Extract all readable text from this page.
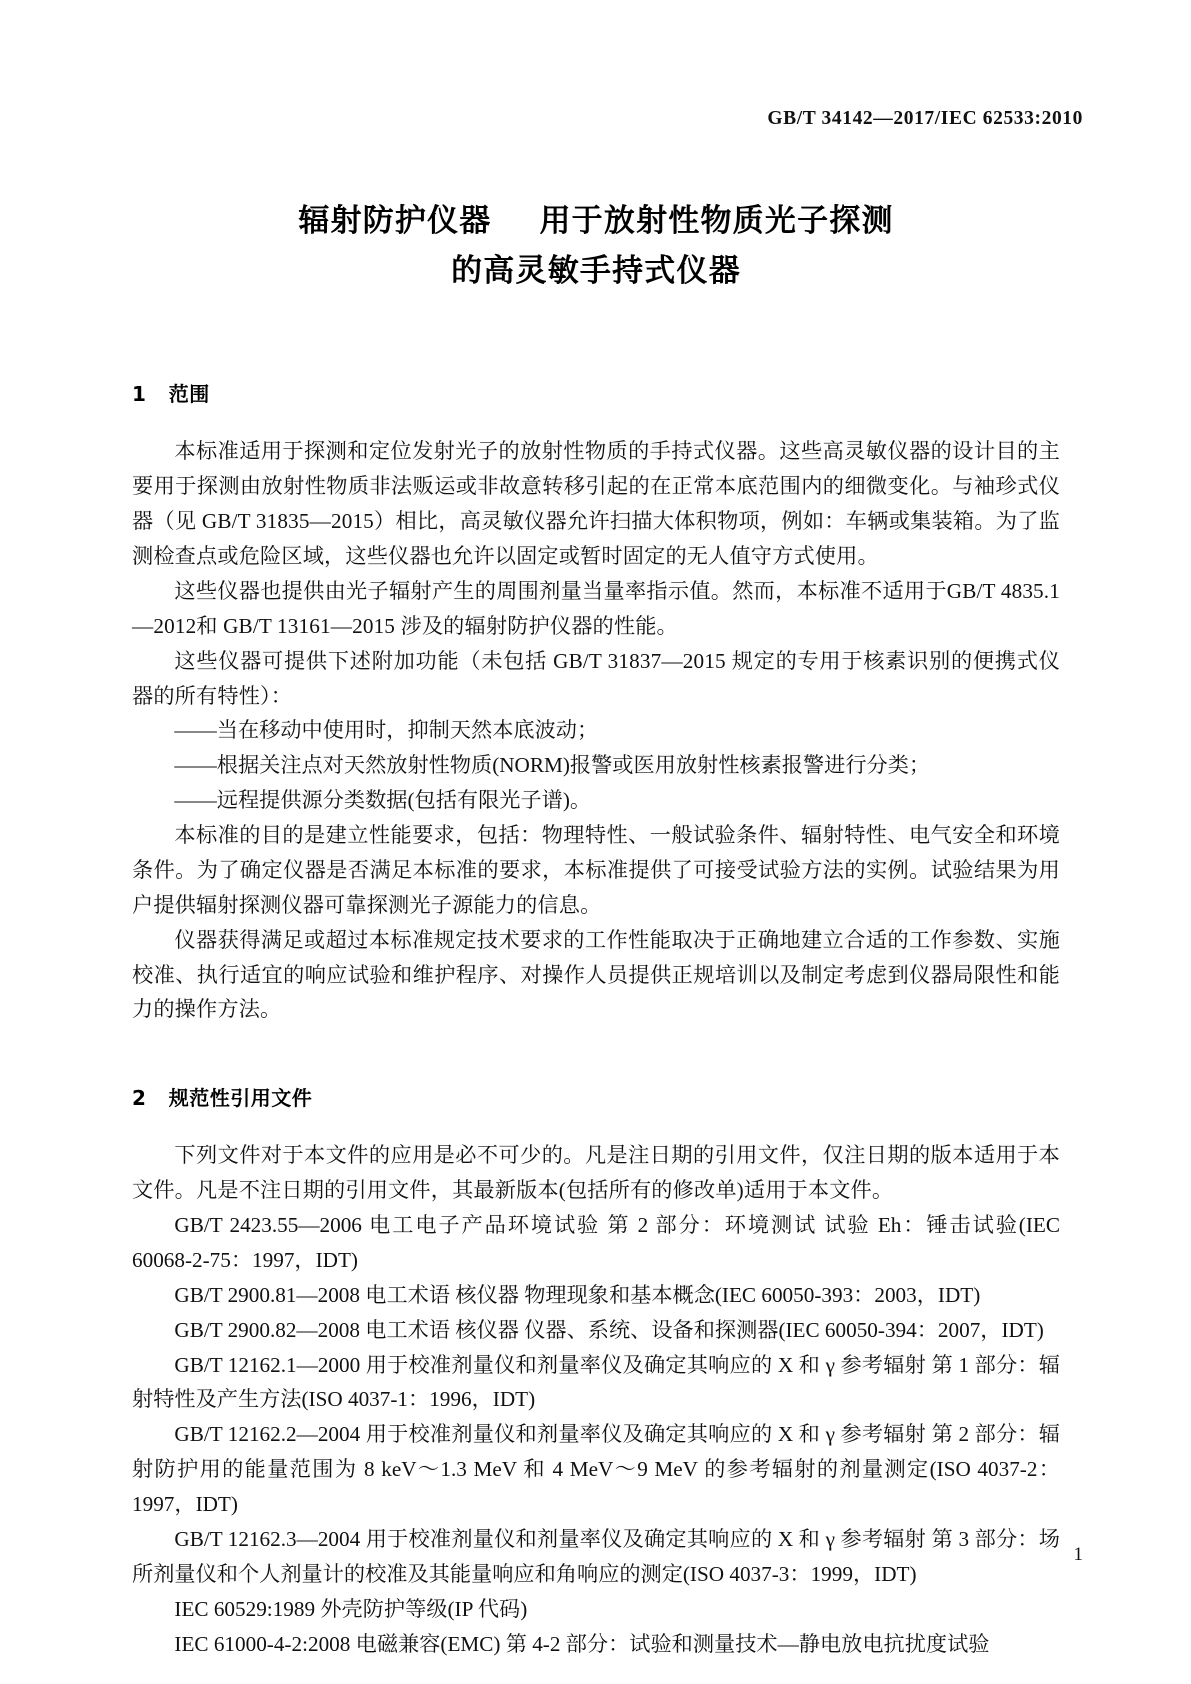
GB/T 34142—2017/IEC 62533:2010
辐射防护仪器    用于放射性物质光子探测
的高灵敏手持式仪器
1   范围

本标准适用于探测和定位发射光子的放射性物质的手持式仪器。这些高灵敏仪器的设计目的主要用于探测由放射性物质非法贩运或非故意转移引起的在正常本底范围内的细微变化。与袖珍式仪器（见 GB/T 31835—2015）相比，高灵敏仪器允许扫描大体积物项，例如：车辆或集装箱。为了监测检查点或危险区域，这些仪器也允许以固定或暂时固定的无人值守方式使用。

这些仪器也提供由光子辐射产生的周围剂量当量率指示值。然而，本标准不适用于GB/T 4835.1—2012和 GB/T 13161—2015 涉及的辐射防护仪器的性能。

这些仪器可提供下述附加功能（未包括 GB/T 31837—2015 规定的专用于核素识别的便携式仪器的所有特性）：

——当在移动中使用时，抑制天然本底波动；

——根据关注点对天然放射性物质(NORM)报警或医用放射性核素报警进行分类；

——远程提供源分类数据(包括有限光子谱)。

本标准的目的是建立性能要求，包括：物理特性、一般试验条件、辐射特性、电气安全和环境条件。为了确定仪器是否满足本标准的要求，本标准提供了可接受试验方法的实例。试验结果为用户提供辐射探测仪器可靠探测光子源能力的信息。

仪器获得满足或超过本标准规定技术要求的工作性能取决于正确地建立合适的工作参数、实施校准、执行适宜的响应试验和维护程序、对操作人员提供正规培训以及制定考虑到仪器局限性和能力的操作方法。

2   规范性引用文件

下列文件对于本文件的应用是必不可少的。凡是注日期的引用文件，仅注日期的版本适用于本文件。凡是不注日期的引用文件，其最新版本(包括所有的修改单)适用于本文件。

GB/T 2423.55—2006 电工电子产品环境试验 第 2 部分：环境测试 试验 Eh：锤击试验(IEC 60068-2-75：1997，IDT)

GB/T 2900.81—2008 电工术语 核仪器 物理现象和基本概念(IEC 60050-393：2003，IDT)

GB/T 2900.82—2008 电工术语 核仪器 仪器、系统、设备和探测器(IEC 60050-394：2007，IDT)

GB/T 12162.1—2000 用于校准剂量仪和剂量率仪及确定其响应的 X 和 γ 参考辐射 第 1 部分：辐射特性及产生方法(ISO 4037-1：1996，IDT)

GB/T 12162.2—2004 用于校准剂量仪和剂量率仪及确定其响应的 X 和 γ 参考辐射 第 2 部分：辐射防护用的能量范围为 8 keV～1.3 MeV 和 4 MeV～9 MeV 的参考辐射的剂量测定(ISO 4037-2：1997，IDT)

GB/T 12162.3—2004 用于校准剂量仪和剂量率仪及确定其响应的 X 和 γ 参考辐射 第 3 部分：场所剂量仪和个人剂量计的校准及其能量响应和角响应的测定(ISO 4037-3：1999，IDT)

IEC 60529:1989 外壳防护等级(IP 代码)

IEC 61000-4-2:2008 电磁兼容(EMC) 第 4-2 部分：试验和测量技术—静电放电抗扰度试验

1
